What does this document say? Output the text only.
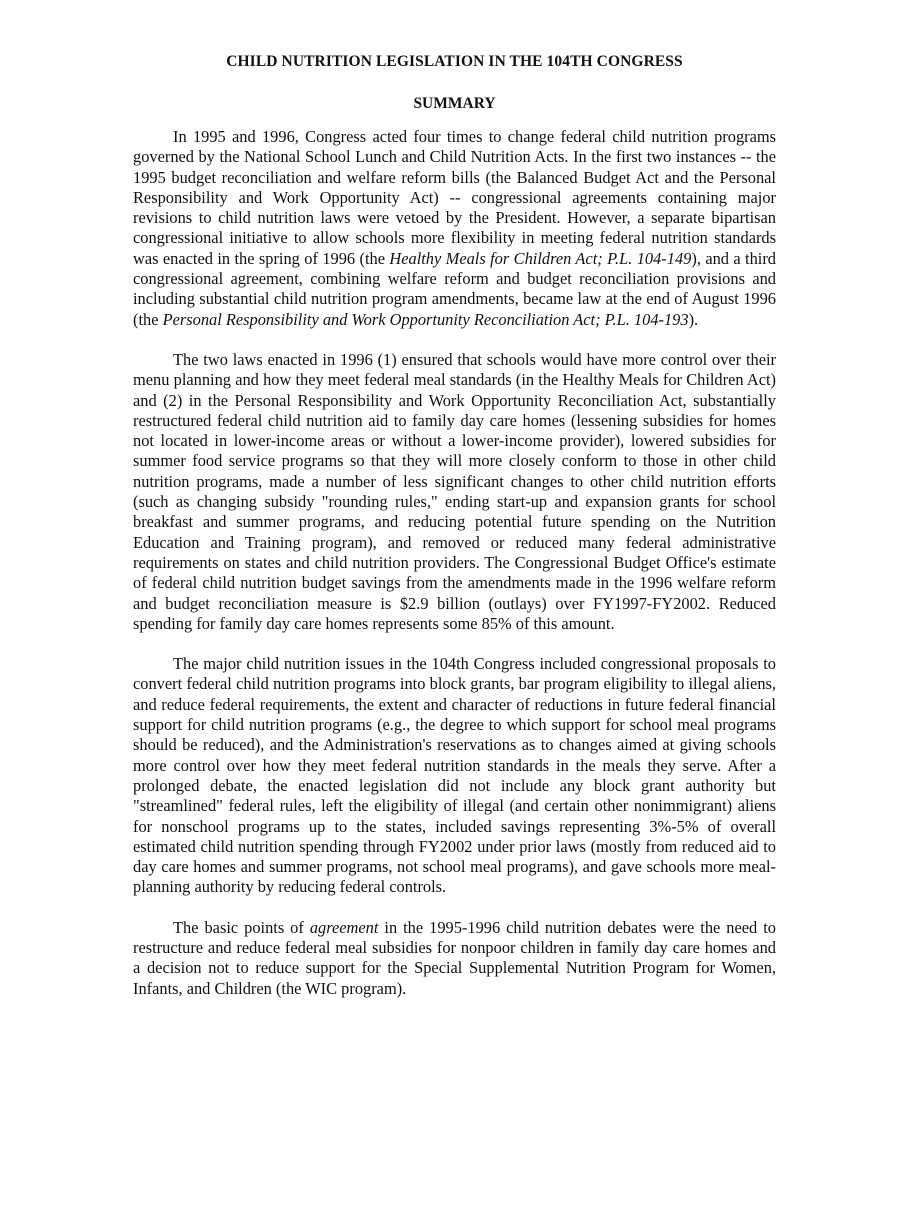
CHILD NUTRITION LEGISLATION IN THE 104TH CONGRESS
SUMMARY

In 1995 and 1996, Congress acted four times to change federal child nutrition programs governed by the National School Lunch and Child Nutrition Acts. In the first two instances -- the 1995 budget reconciliation and welfare reform bills (the Balanced Budget Act and the Personal Responsibility and Work Opportunity Act) -- congressional agreements containing major revisions to child nutrition laws were vetoed by the President. However, a separate bipartisan congressional initiative to allow schools more flexibility in meeting federal nutrition standards was enacted in the spring of 1996 (the Healthy Meals for Children Act; P.L. 104-149), and a third congressional agreement, combining welfare reform and budget reconciliation provisions and including substantial child nutrition program amendments, became law at the end of August 1996 (the Personal Responsibility and Work Opportunity Reconciliation Act; P.L. 104-193).

The two laws enacted in 1996 (1) ensured that schools would have more control over their menu planning and how they meet federal meal standards (in the Healthy Meals for Children Act) and (2) in the Personal Responsibility and Work Opportunity Reconciliation Act, substantially restructured federal child nutrition aid to family day care homes (lessening subsidies for homes not located in lower-income areas or without a lower-income provider), lowered subsidies for summer food service programs so that they will more closely conform to those in other child nutrition programs, made a number of less significant changes to other child nutrition efforts (such as changing subsidy "rounding rules," ending start-up and expansion grants for school breakfast and summer programs, and reducing potential future spending on the Nutrition Education and Training program), and removed or reduced many federal administrative requirements on states and child nutrition providers. The Congressional Budget Office's estimate of federal child nutrition budget savings from the amendments made in the 1996 welfare reform and budget reconciliation measure is $2.9 billion (outlays) over FY1997-FY2002. Reduced spending for family day care homes represents some 85% of this amount.

The major child nutrition issues in the 104th Congress included congressional proposals to convert federal child nutrition programs into block grants, bar program eligibility to illegal aliens, and reduce federal requirements, the extent and character of reductions in future federal financial support for child nutrition programs (e.g., the degree to which support for school meal programs should be reduced), and the Administration's reservations as to changes aimed at giving schools more control over how they meet federal nutrition standards in the meals they serve. After a prolonged debate, the enacted legislation did not include any block grant authority but "streamlined" federal rules, left the eligibility of illegal (and certain other nonimmigrant) aliens for nonschool programs up to the states, included savings representing 3%-5% of overall estimated child nutrition spending through FY2002 under prior laws (mostly from reduced aid to day care homes and summer programs, not school meal programs), and gave schools more meal-planning authority by reducing federal controls.

The basic points of agreement in the 1995-1996 child nutrition debates were the need to restructure and reduce federal meal subsidies for nonpoor children in family day care homes and a decision not to reduce support for the Special Supplemental Nutrition Program for Women, Infants, and Children (the WIC program).
